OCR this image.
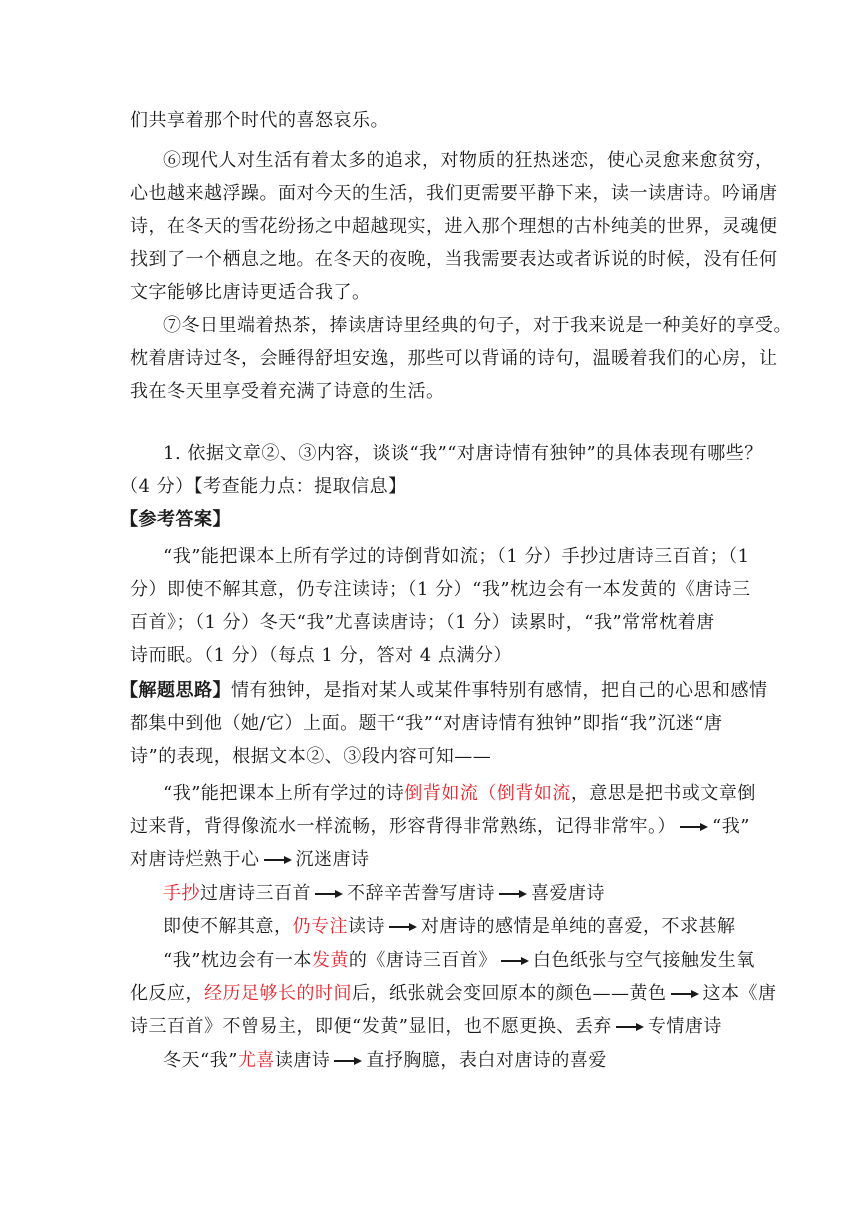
们共享着那个时代的喜怒哀乐。
⑥现代人对生活有着太多的追求，对物质的狂热迷恋，使心灵愈来愈贫穷，
心也越来越浮躁。面对今天的生活，我们更需要平静下来，读一读唐诗。吟诵唐
诗，在冬天的雪花纷扬之中超越现实，进入那个理想的古朴纯美的世界，灵魂便
找到了一个栖息之地。在冬天的夜晚，当我需要表达或者诉说的时候，没有任何
文字能够比唐诗更适合我了。
⑦冬日里端着热茶，捧读唐诗里经典的句子，对于我来说是一种美好的享受。
枕着唐诗过冬，会睡得舒坦安逸，那些可以背诵的诗句，温暖着我们的心房，让
我在冬天里享受着充满了诗意的生活。
1. 依据文章②、③内容，谈谈“我”“对唐诗情有独钟”的具体表现有哪些？
（4 分）【考查能力点：提取信息】
【参考答案】
“我”能把课本上所有学过的诗倒背如流；（1 分）手抄过唐诗三百首；（1
分）即使不解其意，仍专注读诗；（1 分）“我”枕边会有一本发黄的《唐诗三
百首》；（1 分）冬天“我”尤喜读唐诗；（1 分）读累时，“我”常常枕着唐
诗而眠。（1 分）（每点 1 分，答对 4 点满分）
【解题思路】情有独钟，是指对某人或某件事特别有感情，把自己的心思和感情
都集中到他（她/它）上面。题干“我”“对唐诗情有独钟”即指“我”沉迷“唐
诗”的表现，根据文本②、③段内容可知——
“我”能把课本上所有学过的诗倒背如流（倒背如流，意思是把书或文章倒
过来背，背得像流水一样流畅，形容背得非常熟练，记得非常牢。） “我”
对唐诗烂熟于心 沉迷唐诗
手抄过唐诗三百首 不辞辛苦誊写唐诗 喜爱唐诗
即使不解其意，仍专注读诗 对唐诗的感情是单纯的喜爱，不求甚解
“我”枕边会有一本发黄的《唐诗三百首》 白色纸张与空气接触发生氧
化反应，经历足够长的时间后，纸张就会变回原本的颜色——黄色 这本《唐
诗三百首》不曾易主，即便“发黄”显旧，也不愿更换、丢弃 专情唐诗
冬天“我”尤喜读唐诗 直抒胸臆，表白对唐诗的喜爱
